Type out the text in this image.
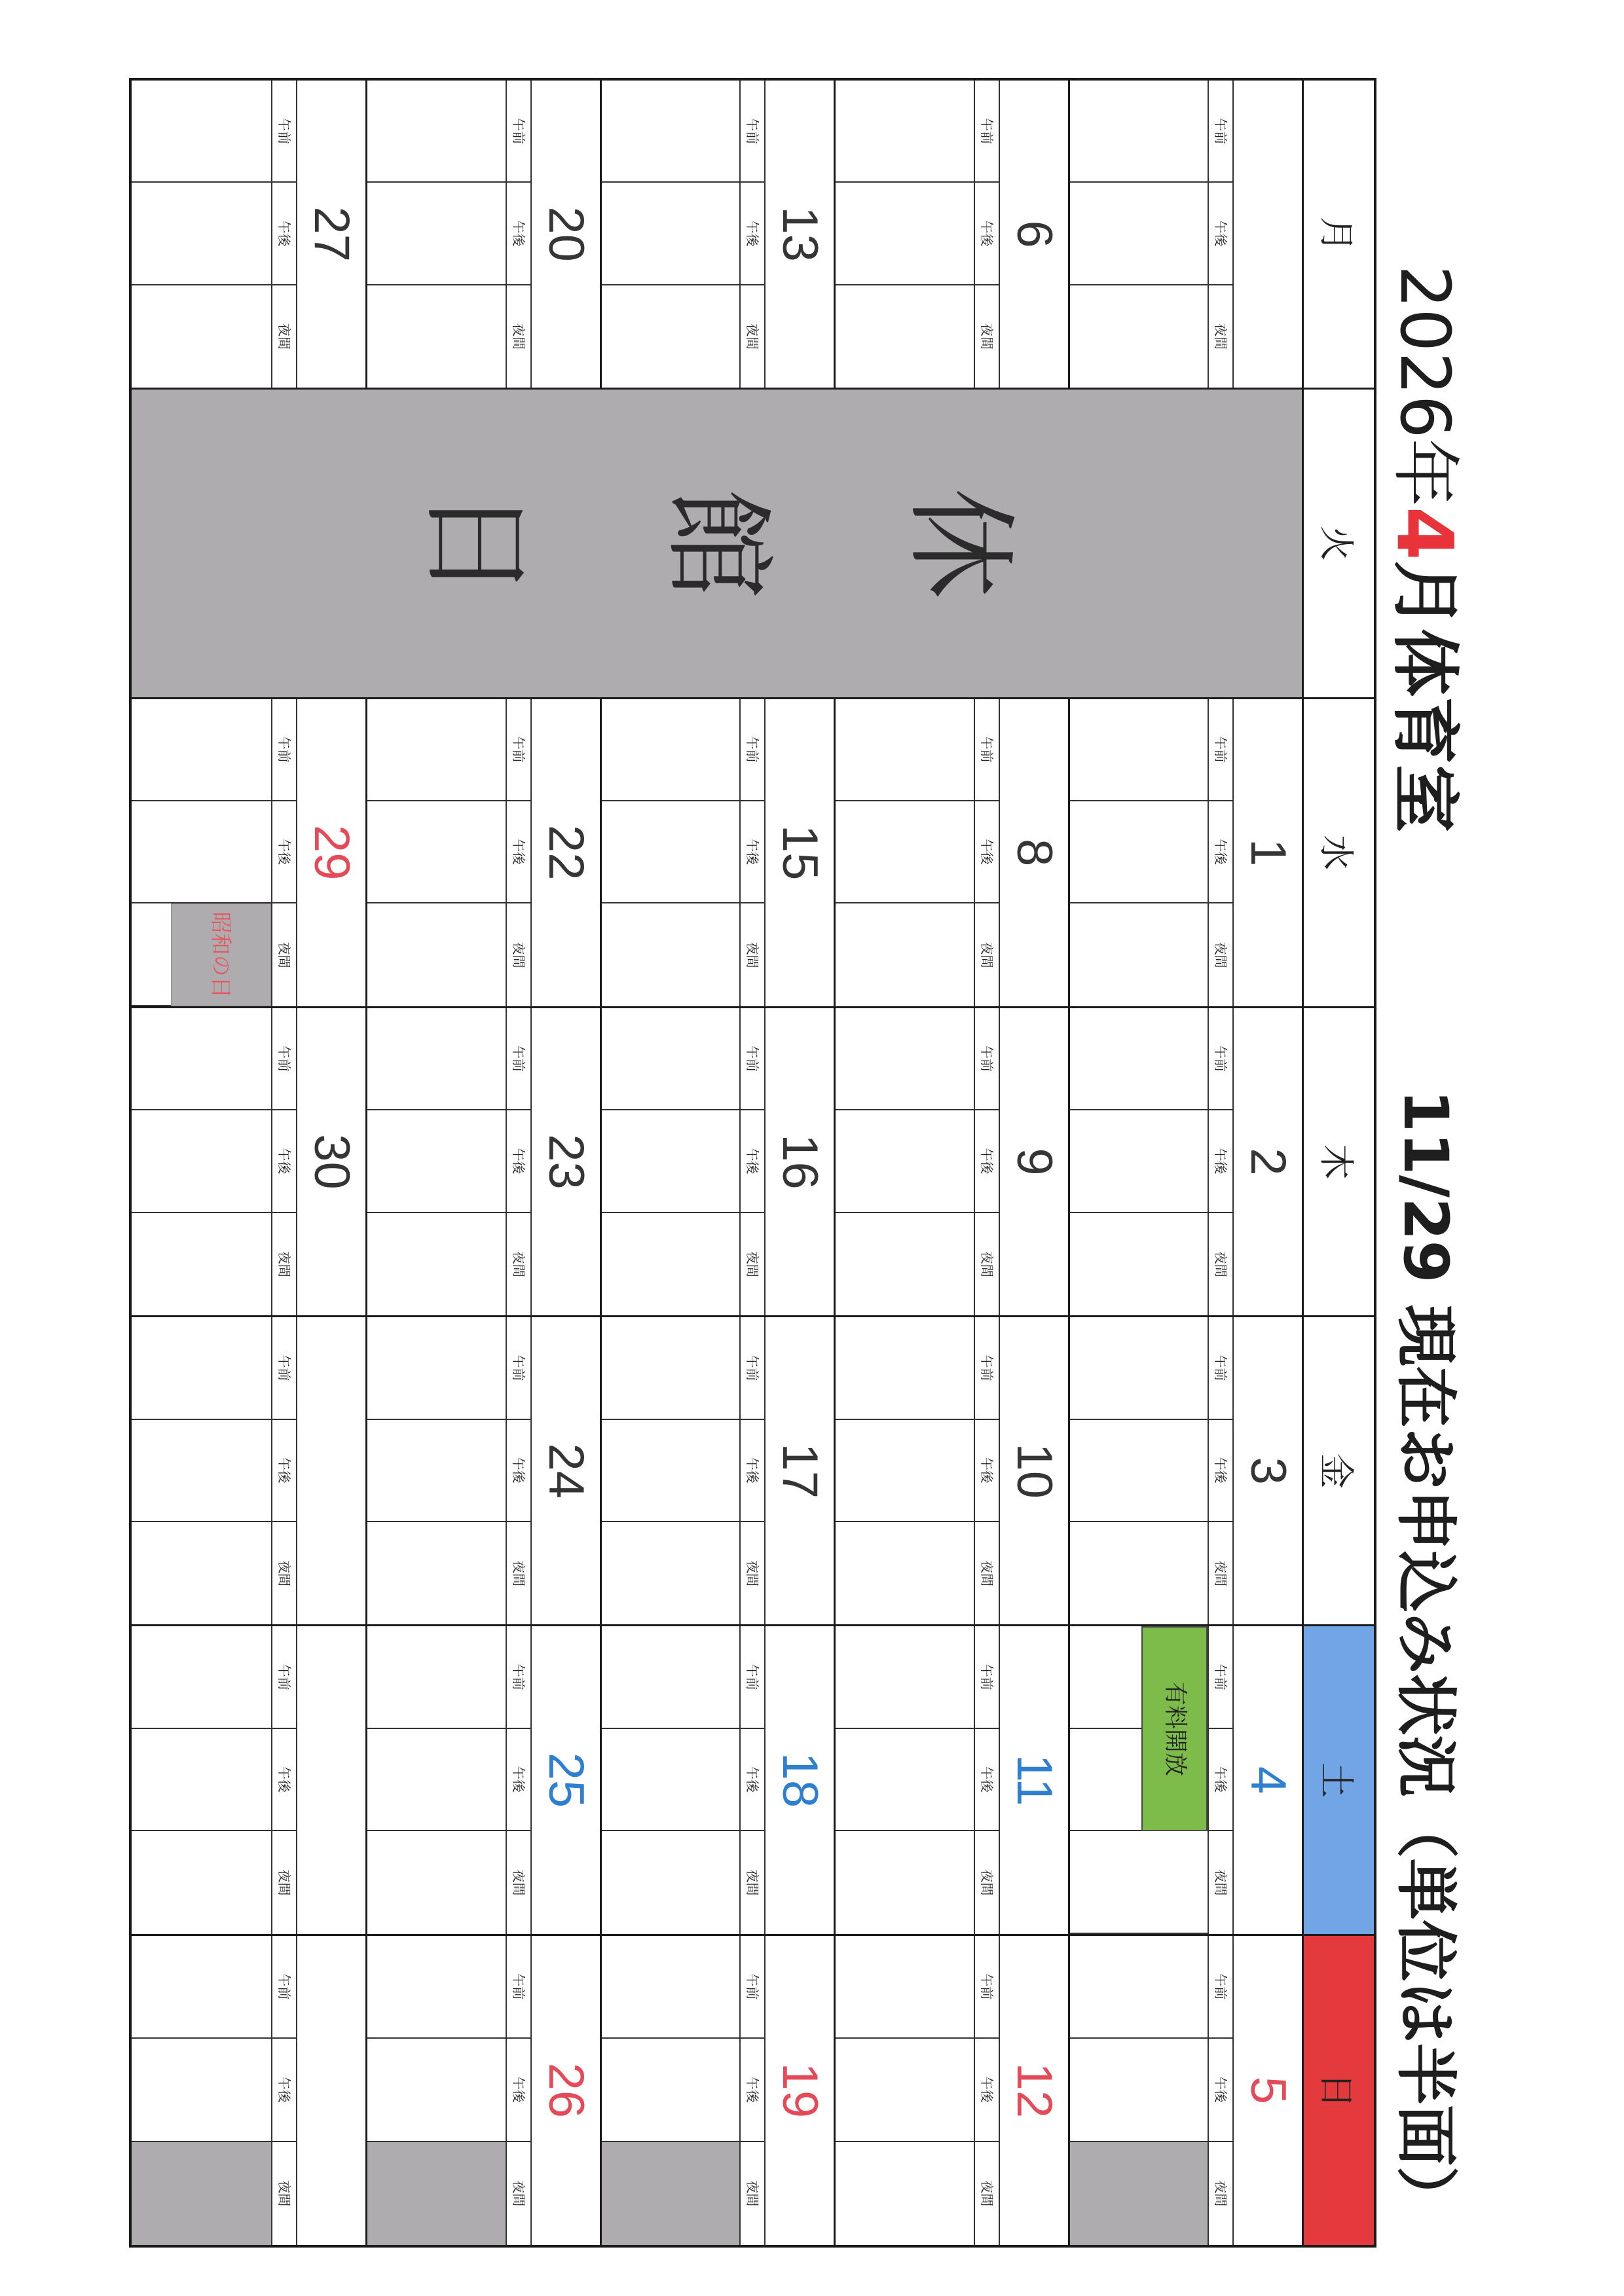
2026年
4
月体育室
11/29 現在お申込み状況（単位は半面）
月
火
水
木
金
土
日
休
館
日
午前
午後
夜間
1
午前
午後
夜間
2
午前
午後
夜間
3
午前
午後
夜間
4
午前
午後
夜間
有料開放
5
午前
午後
夜間
6
午前
午後
夜間
8
午前
午後
夜間
9
午前
午後
夜間
10
午前
午後
夜間
11
午前
午後
夜間
12
午前
午後
夜間
13
午前
午後
夜間
15
午前
午後
夜間
16
午前
午後
夜間
17
午前
午後
夜間
18
午前
午後
夜間
19
午前
午後
夜間
20
午前
午後
夜間
22
午前
午後
夜間
23
午前
午後
夜間
24
午前
午後
夜間
25
午前
午後
夜間
26
午前
午後
夜間
27
午前
午後
夜間
29
午前
午後
夜間
昭和の日
30
午前
午後
夜間
午前
午後
夜間
午前
午後
夜間
午前
午後
夜間
